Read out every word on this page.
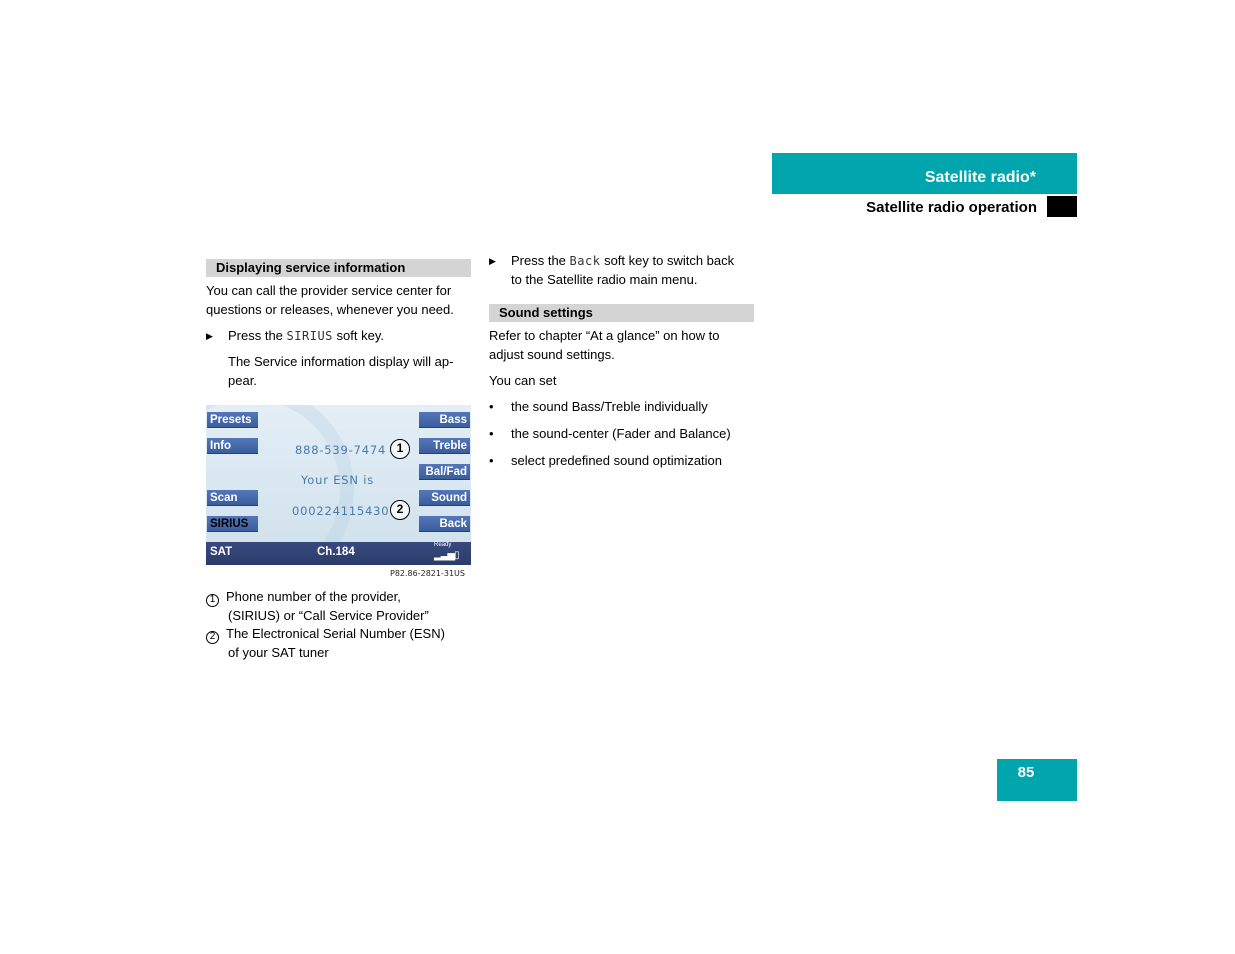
Satellite radio*
Satellite radio operation
Displaying service information
You can call the provider service center for
questions or releases, whenever you need.
▶ Press the SIRIUS soft key.
The Service information display will ap-
pear.
Presets
Info
Scan
SIRIUS
Bass
Treble
Bal/Fad
Sound
Back
888-539-7474 1
Your ESN is
000224115430 2
SAT	Ch.184
Ready
▂▃▅▯
P82.86-2821-31US
1 Phone number of the provider,
(SIRIUS) or “Call Service Provider”
2 The Electronical Serial Number (ESN)
of your SAT tuner
▶ Press the Back soft key to switch back
to the Satellite radio main menu.
Sound settings
Refer to chapter “At a glance” on how to
adjust sound settings.
You can set
• the sound Bass/Treble individually
• the sound-center (Fader and Balance)
• select predefined sound optimization
85
